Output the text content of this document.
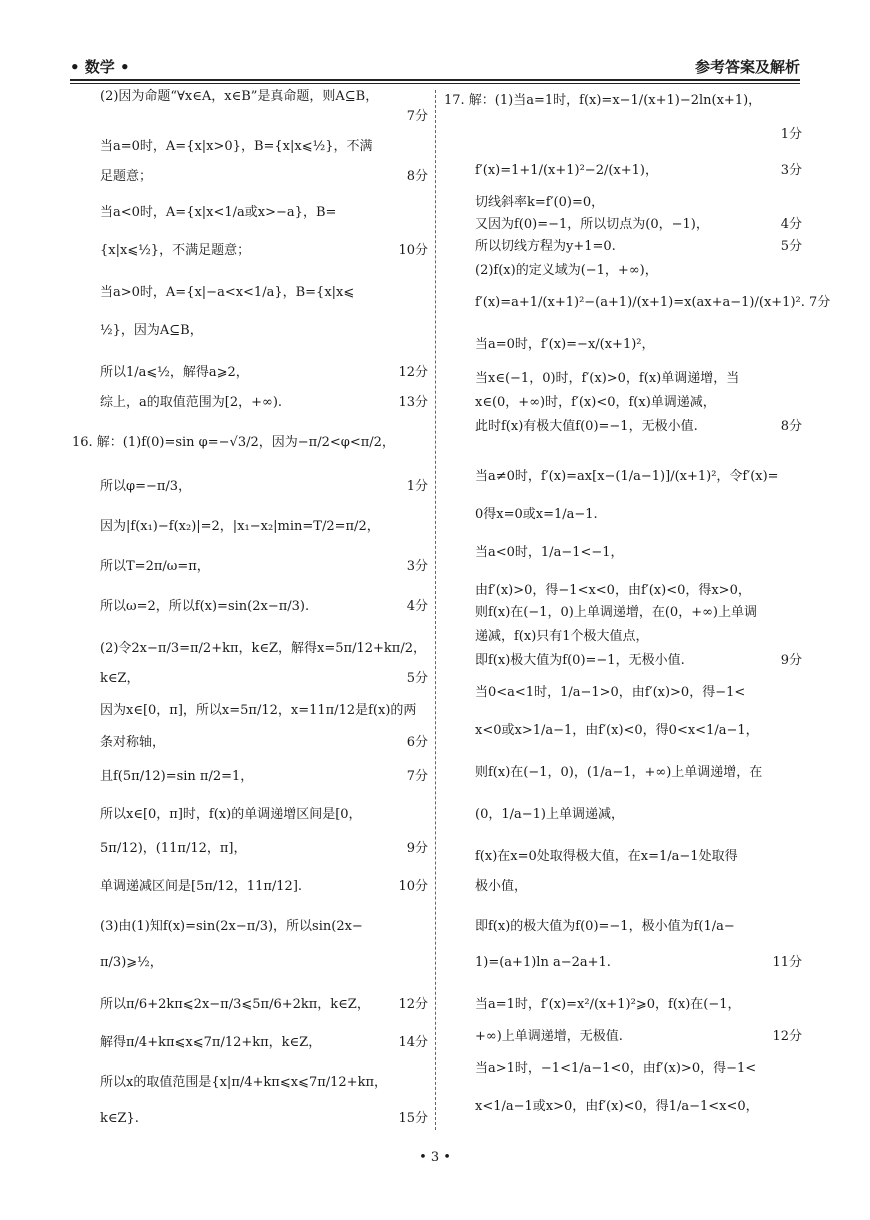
• 数学 •	参考答案及解析
(2)因为命题“∀x∈A，x∈B”是真命题，则A⊆B，
7分
当a=0时，A={x|x>0}，B={x|x⩽½}，不满
足题意；	8分
当a<0时，A={x|x<1/a或x>−a}，B=
{x|x⩽½}，不满足题意；	10分
当a>0时，A={x|−a<x<1/a}，B={x|x⩽
½}，因为A⊆B，
所以1/a⩽½，解得a⩾2，	12分
综上，a的取值范围为[2，+∞).	13分
16. 解：(1)f(0)=sin φ=−√3/2，因为−π/2<φ<π/2，
所以φ=−π/3，	1分
因为|f(x₁)−f(x₂)|=2，|x₁−x₂|min=T/2=π/2，
所以T=2π/ω=π，	3分
所以ω=2，所以f(x)=sin(2x−π/3).	4分
(2)令2x−π/3=π/2+kπ，k∈Z，解得x=5π/12+kπ/2，
k∈Z，	5分
因为x∈[0，π]，所以x=5π/12，x=11π/12是f(x)的两
条对称轴，	6分
且f(5π/12)=sin π/2=1，	7分
所以x∈[0，π]时，f(x)的单调递增区间是[0，
5π/12)，(11π/12，π]，	9分
单调递减区间是[5π/12，11π/12].	10分
(3)由(1)知f(x)=sin(2x−π/3)，所以sin(2x−
π/3)⩾½，
所以π/6+2kπ⩽2x−π/3⩽5π/6+2kπ，k∈Z， 12分
解得π/4+kπ⩽x⩽7π/12+kπ，k∈Z，	14分
所以x的取值范围是{x|π/4+kπ⩽x⩽7π/12+kπ，
k∈Z}.	15分
17. 解：(1)当a=1时，f(x)=x−1/(x+1)−2ln(x+1)，
1分
f′(x)=1+1/(x+1)²−2/(x+1)，	3分
切线斜率k=f′(0)=0，
又因为f(0)=−1，所以切点为(0，−1)，	4分
所以切线方程为y+1=0.	5分
(2)f(x)的定义域为(−1，+∞)，
f′(x)=a+1/(x+1)²−(a+1)/(x+1)=x(ax+a−1)/(x+1)². 7分
当a=0时，f′(x)=−x/(x+1)²，
当x∈(−1，0)时，f′(x)>0，f(x)单调递增，当
x∈(0，+∞)时，f′(x)<0，f(x)单调递减，
此时f(x)有极大值f(0)=−1，无极小值.	8分
当a≠0时，f′(x)=ax[x−(1/a−1)]/(x+1)²，令f′(x)=
0得x=0或x=1/a−1.
当a<0时，1/a−1<−1，
由f′(x)>0，得−1<x<0，由f′(x)<0，得x>0，
则f(x)在(−1，0)上单调递增，在(0，+∞)上单调
递减，f(x)只有1个极大值点，
即f(x)极大值为f(0)=−1，无极小值.	9分
当0<a<1时，1/a−1>0，由f′(x)>0，得−1<
x<0或x>1/a−1，由f′(x)<0，得0<x<1/a−1，
则f(x)在(−1，0)，(1/a−1，+∞)上单调递增，在
(0，1/a−1)上单调递减，
f(x)在x=0处取得极大值，在x=1/a−1处取得
极小值，
即f(x)的极大值为f(0)=−1，极小值为f(1/a−
1)=(a+1)ln a−2a+1.	11分
当a=1时，f′(x)=x²/(x+1)²⩾0，f(x)在(−1，
+∞)上单调递增，无极值.	12分
当a>1时，−1<1/a−1<0，由f′(x)>0，得−1<
x<1/a−1或x>0，由f′(x)<0，得1/a−1<x<0，
• 3 •
